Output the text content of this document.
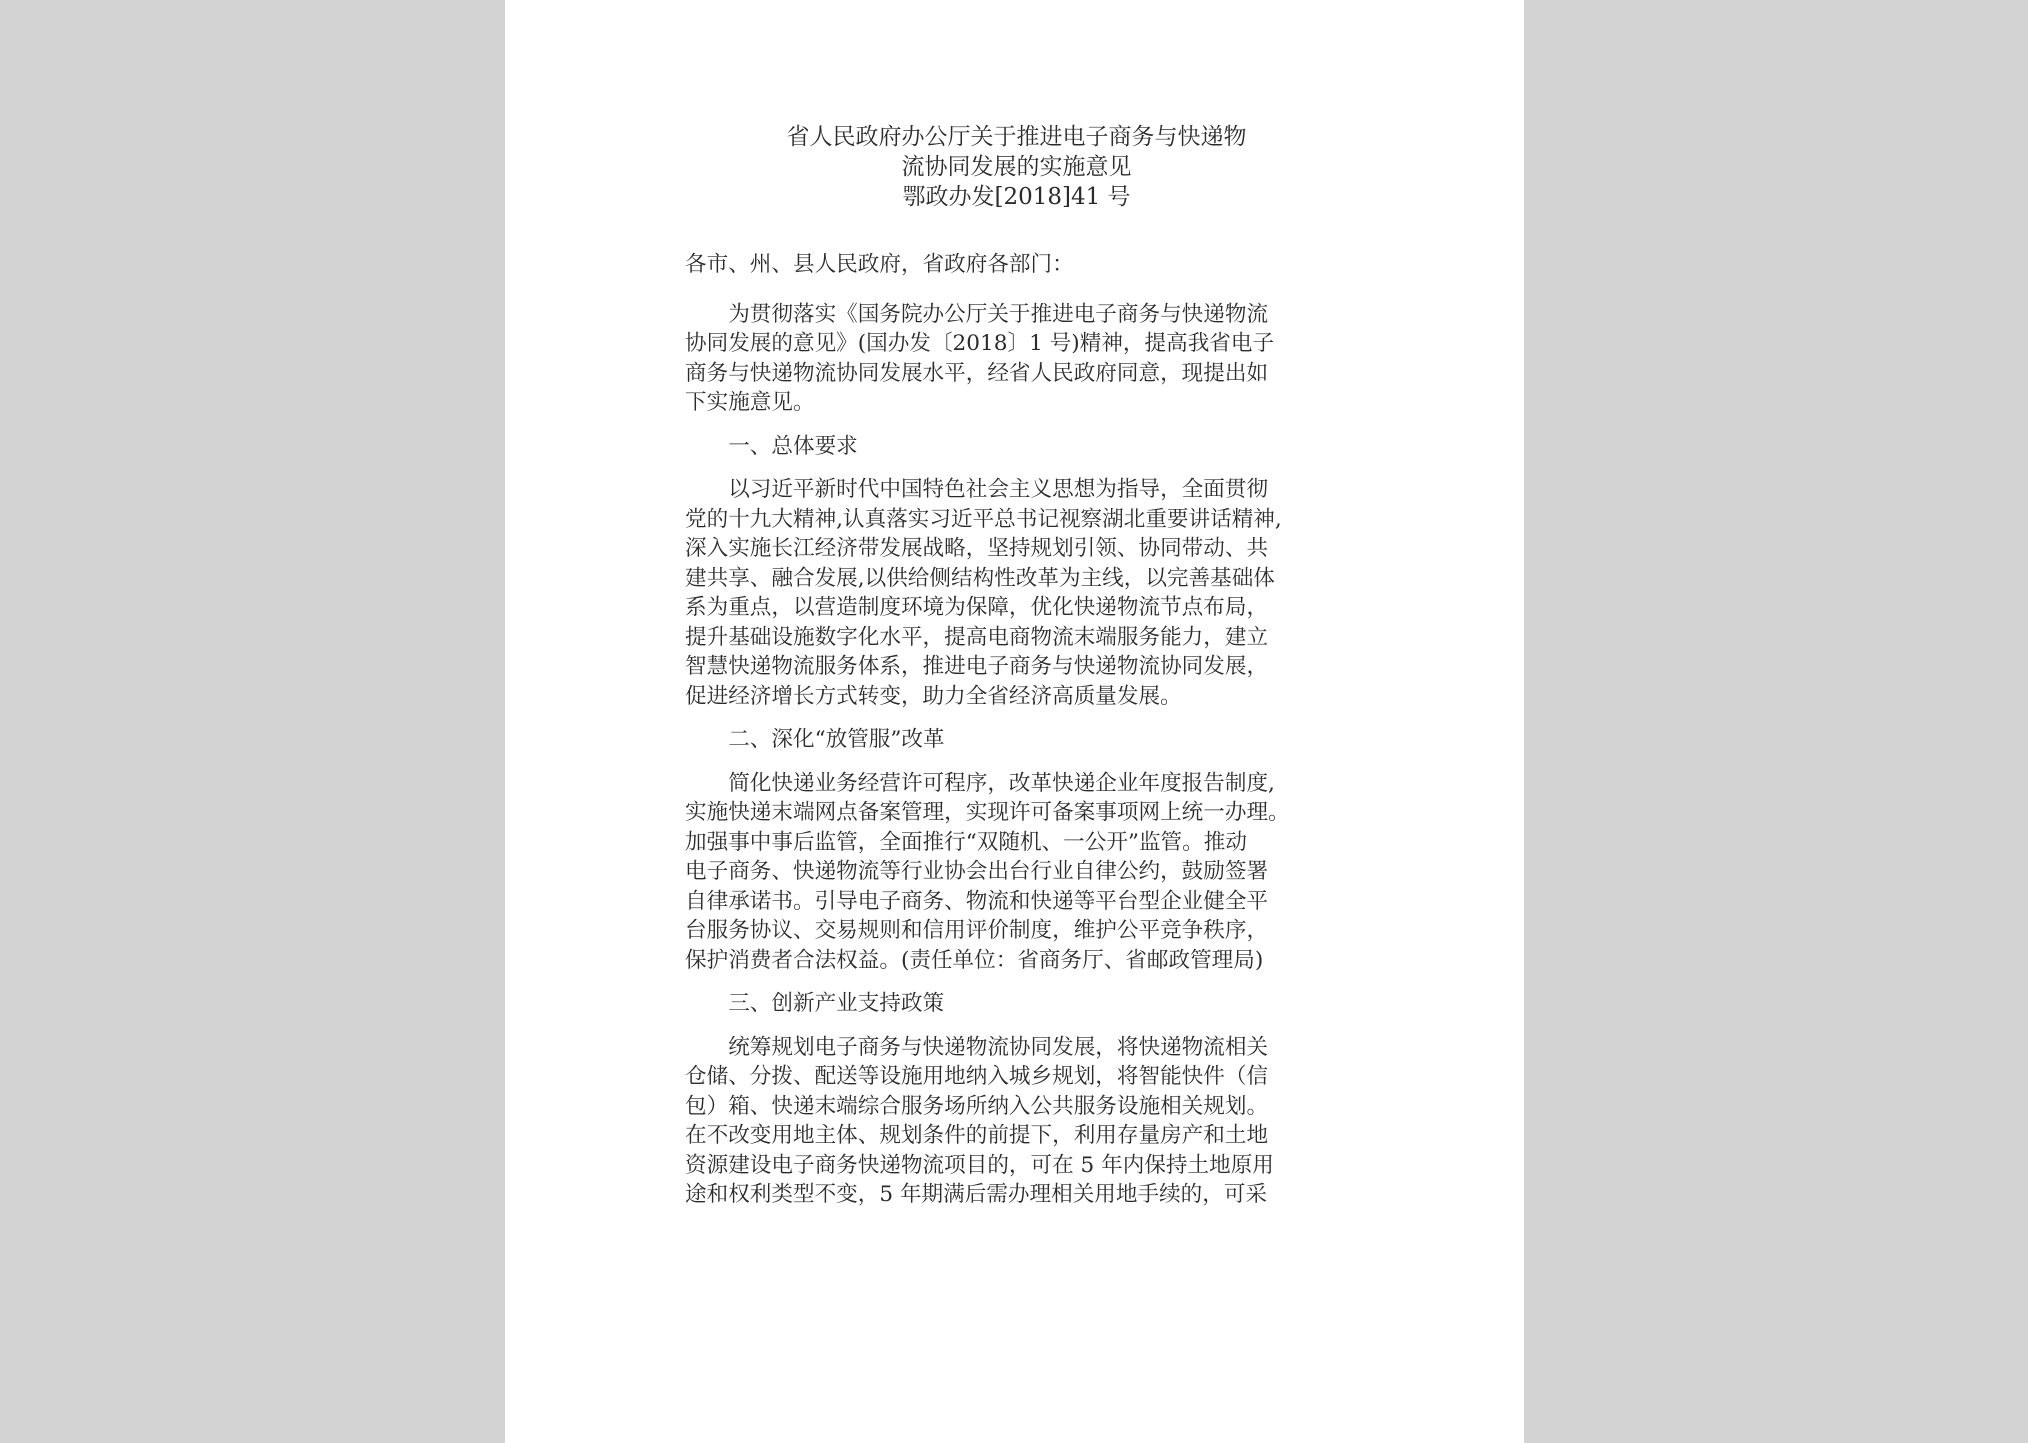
省人民政府办公厅关于推进电子商务与快递物
流协同发展的实施意见
鄂政办发[2018]41 号

各市、州、县人民政府，省政府各部门：

为贯彻落实《国务院办公厅关于推进电子商务与快递物流
协同发展的意见》(国办发〔2018〕1 号)精神，提高我省电子
商务与快递物流协同发展水平，经省人民政府同意，现提出如
下实施意见。

一、总体要求

以习近平新时代中国特色社会主义思想为指导，全面贯彻
党的十九大精神,认真落实习近平总书记视察湖北重要讲话精神,
深入实施长江经济带发展战略，坚持规划引领、协同带动、共
建共享、融合发展,以供给侧结构性改革为主线，以完善基础体
系为重点，以营造制度环境为保障，优化快递物流节点布局，
提升基础设施数字化水平，提高电商物流末端服务能力，建立
智慧快递物流服务体系，推进电子商务与快递物流协同发展，
促进经济增长方式转变，助力全省经济高质量发展。

二、深化“放管服”改革

简化快递业务经营许可程序，改革快递企业年度报告制度,
实施快递末端网点备案管理，实现许可备案事项网上统一办理。
加强事中事后监管，全面推行“双随机、一公开”监管。推动
电子商务、快递物流等行业协会出台行业自律公约，鼓励签署
自律承诺书。引导电子商务、物流和快递等平台型企业健全平
台服务协议、交易规则和信用评价制度，维护公平竞争秩序，
保护消费者合法权益。(责任单位：省商务厅、省邮政管理局)

三、创新产业支持政策

统筹规划电子商务与快递物流协同发展，将快递物流相关
仓储、分拨、配送等设施用地纳入城乡规划，将智能快件（信
包）箱、快递末端综合服务场所纳入公共服务设施相关规划。
在不改变用地主体、规划条件的前提下，利用存量房产和土地
资源建设电子商务快递物流项目的，可在 5 年内保持土地原用
途和权利类型不变，5 年期满后需办理相关用地手续的，可采
